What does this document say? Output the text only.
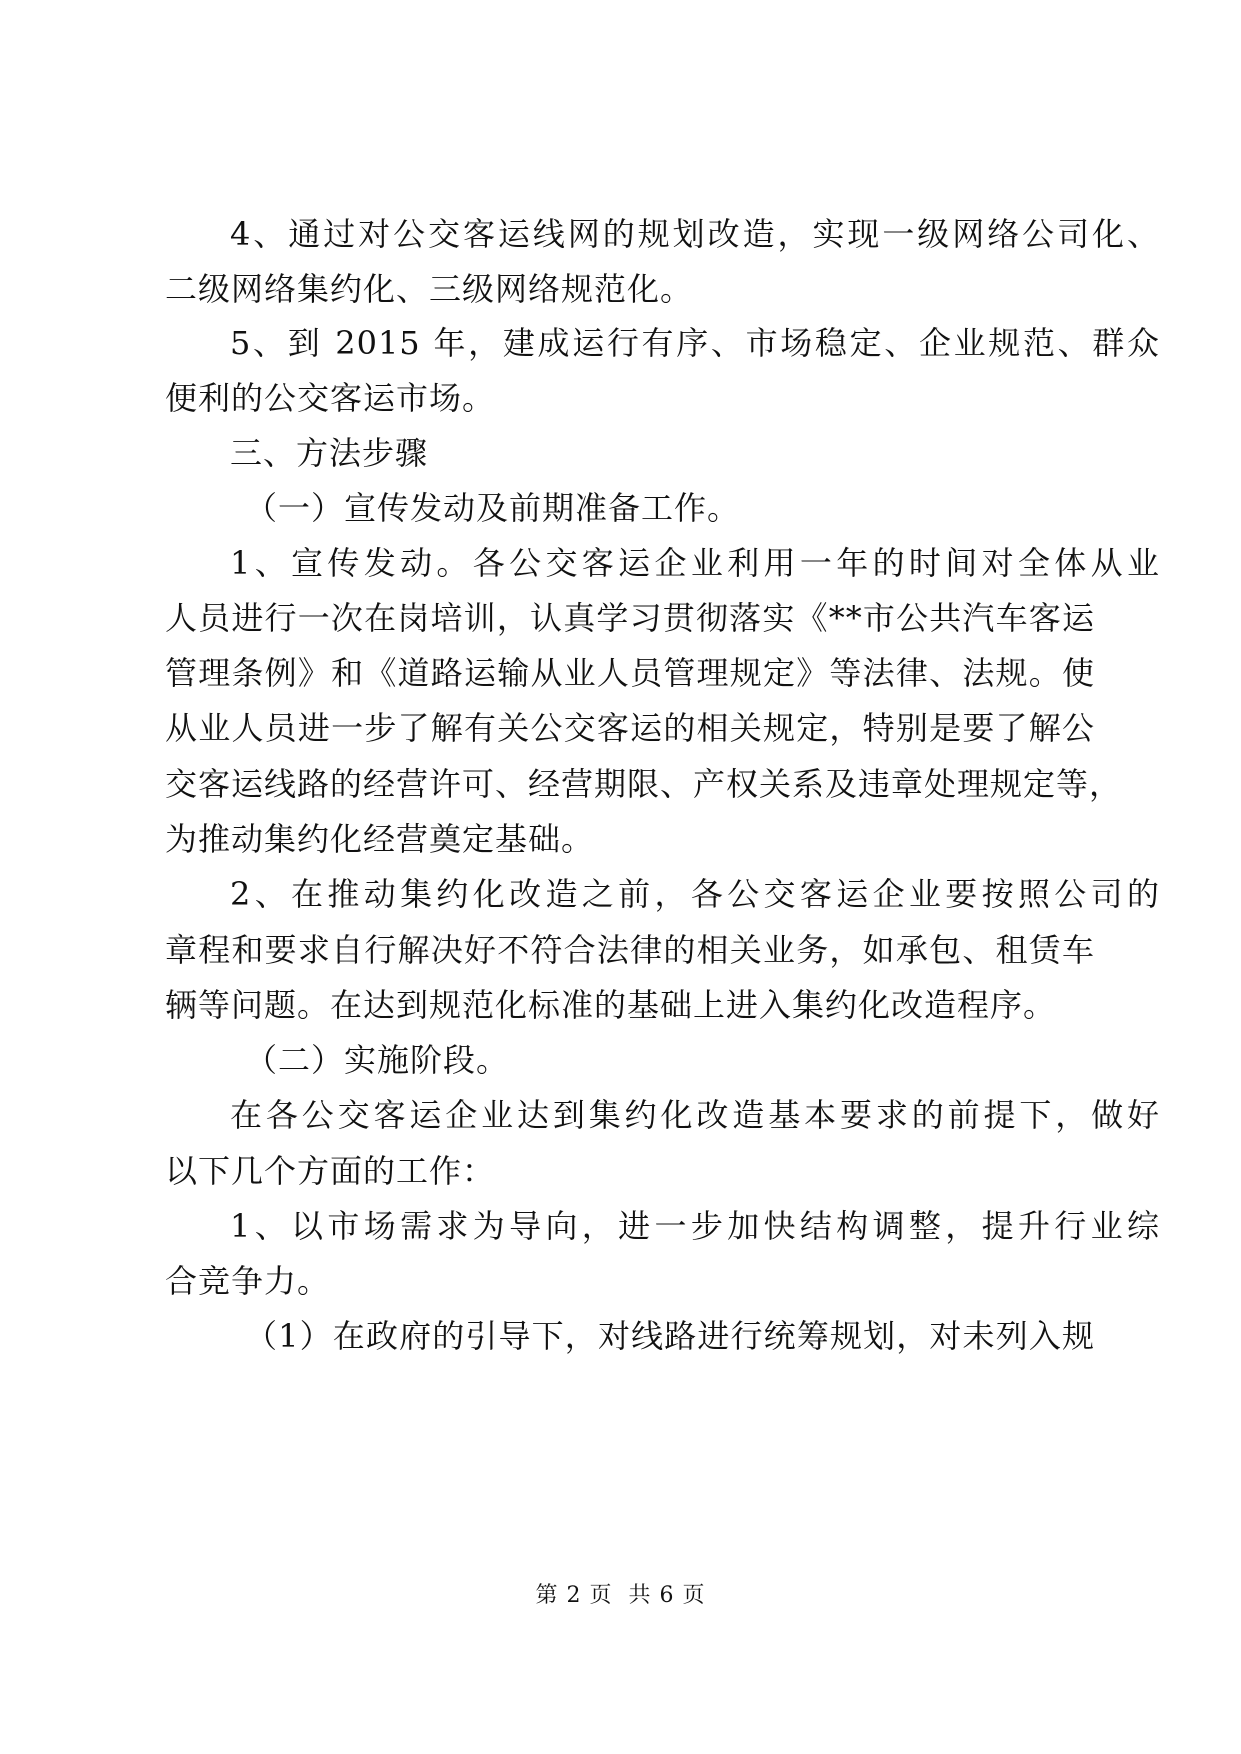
4、通过对公交客运线网的规划改造，实现一级网络公司化、
二级网络集约化、三级网络规范化。
5、到 2015 年，建成运行有序、市场稳定、企业规范、群众
便利的公交客运市场。
三、方法步骤
（一）宣传发动及前期准备工作。
1、宣传发动。各公交客运企业利用一年的时间对全体从业
人员进行一次在岗培训，认真学习贯彻落实《**市公共汽车客运
管理条例》和《道路运输从业人员管理规定》等法律、法规。使
从业人员进一步了解有关公交客运的相关规定，特别是要了解公
交客运线路的经营许可、经营期限、产权关系及违章处理规定等，
为推动集约化经营奠定基础。
2、在推动集约化改造之前，各公交客运企业要按照公司的
章程和要求自行解决好不符合法律的相关业务，如承包、租赁车
辆等问题。在达到规范化标准的基础上进入集约化改造程序。
（二）实施阶段。
在各公交客运企业达到集约化改造基本要求的前提下，做好
以下几个方面的工作：
1、以市场需求为导向，进一步加快结构调整，提升行业综
合竞争力。
（1）在政府的引导下，对线路进行统筹规划，对未列入规
第 2 页 共 6 页
